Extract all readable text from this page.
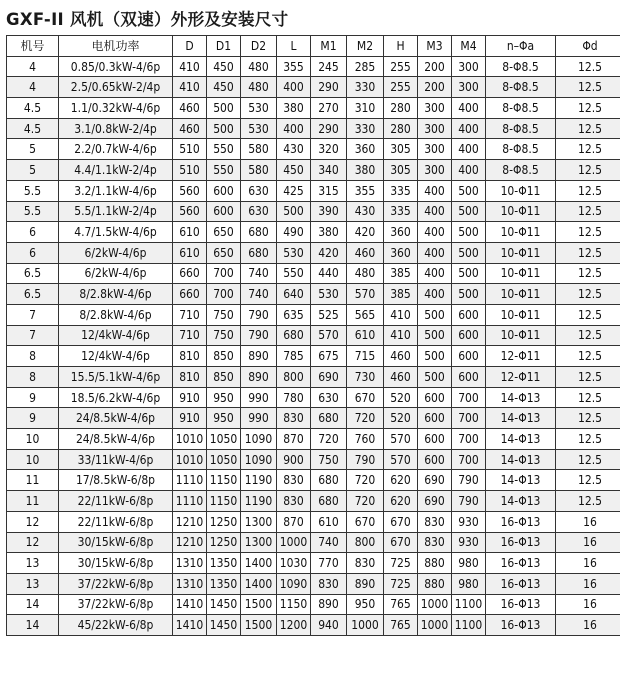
GXF-II 风机（双速）外形及安装尺寸
机号	电机功率	D	D1	D2	L	M1	M2	H	M3	M4	n–Φa	Φd
4	0.85/0.3kW-4/6p	410	450	480	355	245	285	255	200	300	8-Φ8.5	12.5
4	2.5/0.65kW-2/4p	410	450	480	400	290	330	255	200	300	8-Φ8.5	12.5
4.5	1.1/0.32kW-4/6p	460	500	530	380	270	310	280	300	400	8-Φ8.5	12.5
4.5	3.1/0.8kW-2/4p	460	500	530	400	290	330	280	300	400	8-Φ8.5	12.5
5	2.2/0.7kW-4/6p	510	550	580	430	320	360	305	300	400	8-Φ8.5	12.5
5	4.4/1.1kW-2/4p	510	550	580	450	340	380	305	300	400	8-Φ8.5	12.5
5.5	3.2/1.1kW-4/6p	560	600	630	425	315	355	335	400	500	10-Φ11	12.5
5.5	5.5/1.1kW-2/4p	560	600	630	500	390	430	335	400	500	10-Φ11	12.5
6	4.7/1.5kW-4/6p	610	650	680	490	380	420	360	400	500	10-Φ11	12.5
6	6/2kW-4/6p	610	650	680	530	420	460	360	400	500	10-Φ11	12.5
6.5	6/2kW-4/6p	660	700	740	550	440	480	385	400	500	10-Φ11	12.5
6.5	8/2.8kW-4/6p	660	700	740	640	530	570	385	400	500	10-Φ11	12.5
7	8/2.8kW-4/6p	710	750	790	635	525	565	410	500	600	10-Φ11	12.5
7	12/4kW-4/6p	710	750	790	680	570	610	410	500	600	10-Φ11	12.5
8	12/4kW-4/6p	810	850	890	785	675	715	460	500	600	12-Φ11	12.5
8	15.5/5.1kW-4/6p	810	850	890	800	690	730	460	500	600	12-Φ11	12.5
9	18.5/6.2kW-4/6p	910	950	990	780	630	670	520	600	700	14-Φ13	12.5
9	24/8.5kW-4/6p	910	950	990	830	680	720	520	600	700	14-Φ13	12.5
10	24/8.5kW-4/6p	1010	1050	1090	870	720	760	570	600	700	14-Φ13	12.5
10	33/11kW-4/6p	1010	1050	1090	900	750	790	570	600	700	14-Φ13	12.5
11	17/8.5kW-6/8p	1110	1150	1190	830	680	720	620	690	790	14-Φ13	12.5
11	22/11kW-6/8p	1110	1150	1190	830	680	720	620	690	790	14-Φ13	12.5
12	22/11kW-6/8p	1210	1250	1300	870	610	670	670	830	930	16-Φ13	16
12	30/15kW-6/8p	1210	1250	1300	1000	740	800	670	830	930	16-Φ13	16
13	30/15kW-6/8p	1310	1350	1400	1030	770	830	725	880	980	16-Φ13	16
13	37/22kW-6/8p	1310	1350	1400	1090	830	890	725	880	980	16-Φ13	16
14	37/22kW-6/8p	1410	1450	1500	1150	890	950	765	1000	1100	16-Φ13	16
14	45/22kW-6/8p	1410	1450	1500	1200	940	1000	765	1000	1100	16-Φ13	16
